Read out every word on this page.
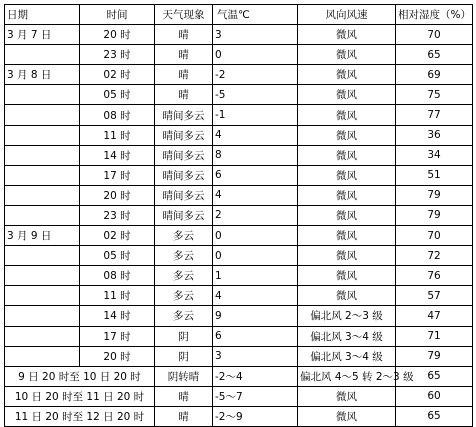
日期	时间	天气现象	气温℃	风向风速	相对湿度（%）
3 月 7 日	20 时	晴	3	微风	70
	23 时	晴	0	微风	65
3 月 8 日	02 时	晴	-2	微风	69
	05 时	晴	-5	微风	75
	08 时	晴间多云	-1	微风	77
	11 时	晴间多云	4	微风	36
	14 时	晴间多云	8	微风	34
	17 时	晴间多云	6	微风	51
	20 时	晴间多云	4	微风	79
	23 时	晴间多云	2	微风	79
3 月 9 日	02 时	多云	0	微风	70
	05 时	多云	0	微风	72
	08 时	多云	1	微风	76
	11 时	多云	4	微风	57
	14 时	多云	9	偏北风 2～3 级	47
	17 时	阴	6	偏北风 3～4 级	71
	20 时	阴	3	偏北风 3～4 级	79
9 日 20 时至 10 日 20 时		阴转晴	-2～4	偏北风 4～5 转 2～3 级	65
10 日 20 时至 11 日 20 时		晴	-5～7	微风	60
11 日 20 时至 12 日 20 时		晴	-2～9	微风	65
